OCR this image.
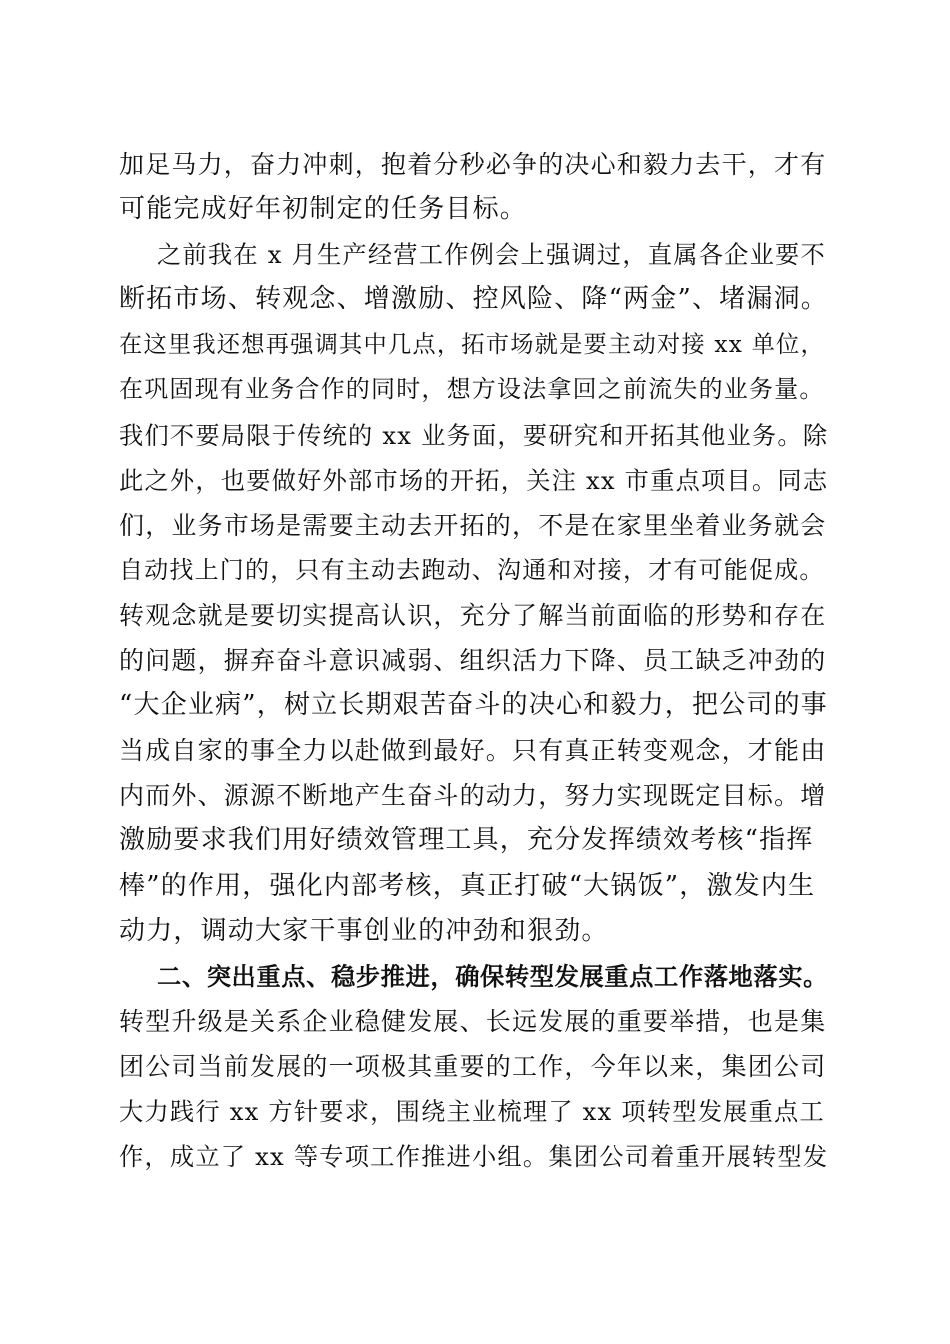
加足马力，奋力冲刺，抱着分秒必争的决心和毅力去干，才有
可能完成好年初制定的任务目标。
之前我在 x 月生产经营工作例会上强调过，直属各企业要不
断拓市场、转观念、增激励、控风险、降“两金”、堵漏洞。
在这里我还想再强调其中几点，拓市场就是要主动对接 xx 单位，
在巩固现有业务合作的同时，想方设法拿回之前流失的业务量。
我们不要局限于传统的 xx 业务面，要研究和开拓其他业务。除
此之外，也要做好外部市场的开拓，关注 xx 市重点项目。同志
们，业务市场是需要主动去开拓的，不是在家里坐着业务就会
自动找上门的，只有主动去跑动、沟通和对接，才有可能促成。
转观念就是要切实提高认识，充分了解当前面临的形势和存在
的问题，摒弃奋斗意识减弱、组织活力下降、员工缺乏冲劲的
“大企业病”，树立长期艰苦奋斗的决心和毅力，把公司的事
当成自家的事全力以赴做到最好。只有真正转变观念，才能由
内而外、源源不断地产生奋斗的动力，努力实现既定目标。增
激励要求我们用好绩效管理工具，充分发挥绩效考核“指挥
棒”的作用，强化内部考核，真正打破“大锅饭”，激发内生
动力，调动大家干事创业的冲劲和狠劲。
二、突出重点、稳步推进，确保转型发展重点工作落地落实。
转型升级是关系企业稳健发展、长远发展的重要举措，也是集
团公司当前发展的一项极其重要的工作，今年以来，集团公司
大力践行 xx 方针要求，围绕主业梳理了 xx 项转型发展重点工
作，成立了 xx 等专项工作推进小组。集团公司着重开展转型发
